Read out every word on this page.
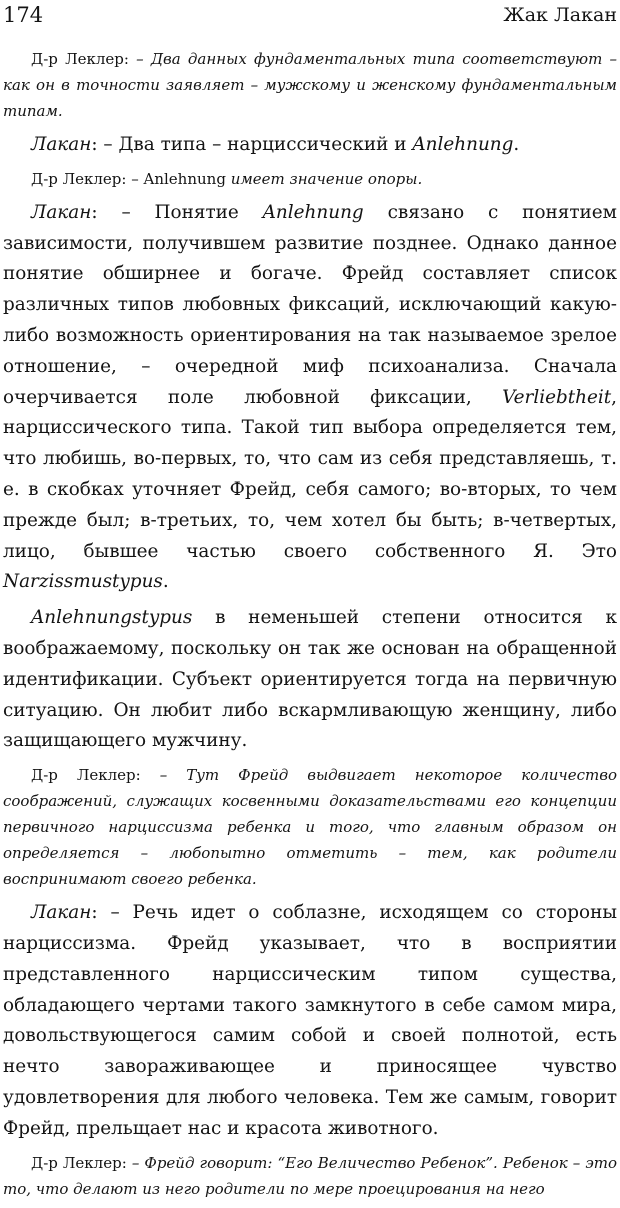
174	Жак Лакан

Д-р Леклер: – Два данных фундаментальных типа соответствуют – как он в точности заявляет – мужскому и женскому фундаментальным типам.

Лакан: – Два типа – нарциссический и Anlehnung.

Д-р Леклер: – Anlehnung имеет значение опоры.

Лакан: – Понятие Anlehnung связано с понятием зависимости, получившем развитие позднее. Однако данное понятие обширнее и богаче. Фрейд составляет список различных типов любовных фиксаций, исключающий какую-либо возможность ориентирования на так называемое зрелое отношение, – очередной миф психоанализа. Сначала очерчивается поле любовной фиксации, Verliebtheit, нарциссического типа. Такой тип выбора определяется тем, что любишь, во-первых, то, что сам из себя представляешь, т. е. в скобках уточняет Фрейд, себя самого; во-вторых, то чем прежде был; в-третьих, то, чем хотел бы быть; в-четвертых, лицо, бывшее частью своего собственного Я. Это Narzissmustypus.

Anlehnungstypus в неменьшей степени относится к воображаемому, поскольку он так же основан на обращенной идентификации. Субъект ориентируется тогда на первичную ситуацию. Он любит либо вскармливающую женщину, либо защищающего мужчину.

Д-р Леклер: – Тут Фрейд выдвигает некоторое количество соображений, служащих косвенными доказательствами его концепции первичного нарциссизма ребенка и того, что главным образом он определяется – любопытно отметить – тем, как родители воспринимают своего ребенка.

Лакан: – Речь идет о соблазне, исходящем со стороны нарциссизма. Фрейд указывает, что в восприятии представленного нарциссическим типом существа, обладающего чертами такого замкнутого в себе самом мира, довольствующегося самим собой и своей полнотой, есть нечто завораживающее и приносящее чувство удовлетворения для любого человека. Тем же самым, говорит Фрейд, прельщает нас и красота животного.

Д-р Леклер: – Фрейд говорит: “Его Величество Ребенок”. Ребенок – это то, что делают из него родители по мере проецирования на него
